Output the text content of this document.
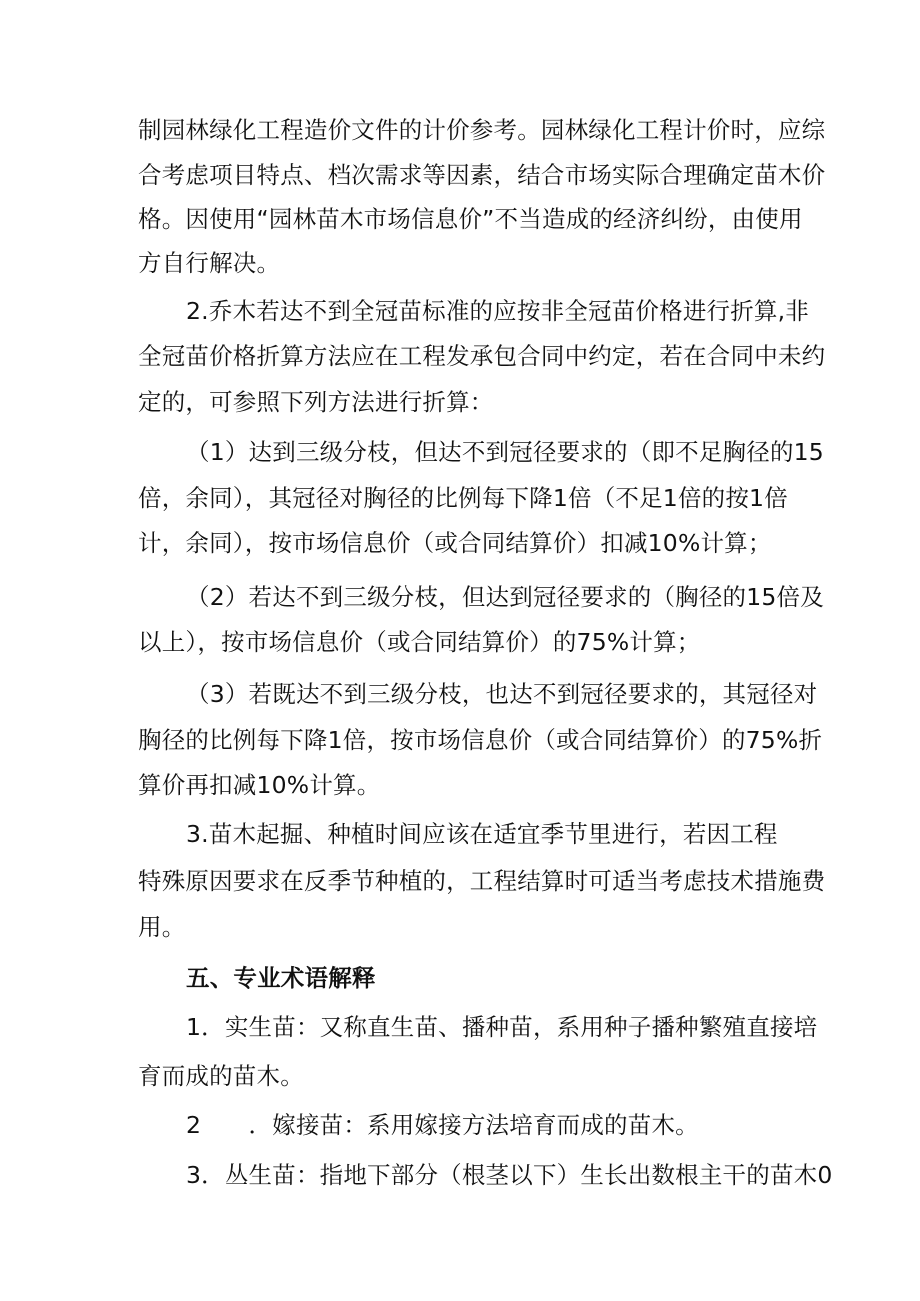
制园林绿化工程造价文件的计价参考。园林绿化工程计价时，应综
合考虑项目特点、档次需求等因素，结合市场实际合理确定苗木价
格。因使用“园林苗木市场信息价”不当造成的经济纠纷，由使用
方自行解决。
2.乔木若达不到全冠苗标准的应按非全冠苗价格进行折算,非
全冠苗价格折算方法应在工程发承包合同中约定，若在合同中未约
定的，可参照下列方法进行折算：
（1）达到三级分枝，但达不到冠径要求的（即不足胸径的15
倍，余同），其冠径对胸径的比例每下降1倍（不足1倍的按1倍
计，余同），按市场信息价（或合同结算价）扣减10%计算；
（2）若达不到三级分枝，但达到冠径要求的（胸径的15倍及
以上），按市场信息价（或合同结算价）的75%计算；
（3）若既达不到三级分枝，也达不到冠径要求的，其冠径对
胸径的比例每下降1倍，按市场信息价（或合同结算价）的75%折
算价再扣减10%计算。
3.苗木起掘、种植时间应该在适宜季节里进行，若因工程
特殊原因要求在反季节种植的，工程结算时可适当考虑技术措施费
用。
五、专业术语解释
1．实生苗：又称直生苗、播种苗，系用种子播种繁殖直接培
育而成的苗木。
2　　．嫁接苗：系用嫁接方法培育而成的苗木。
3．丛生苗：指地下部分（根茎以下）生长出数根主干的苗木0
